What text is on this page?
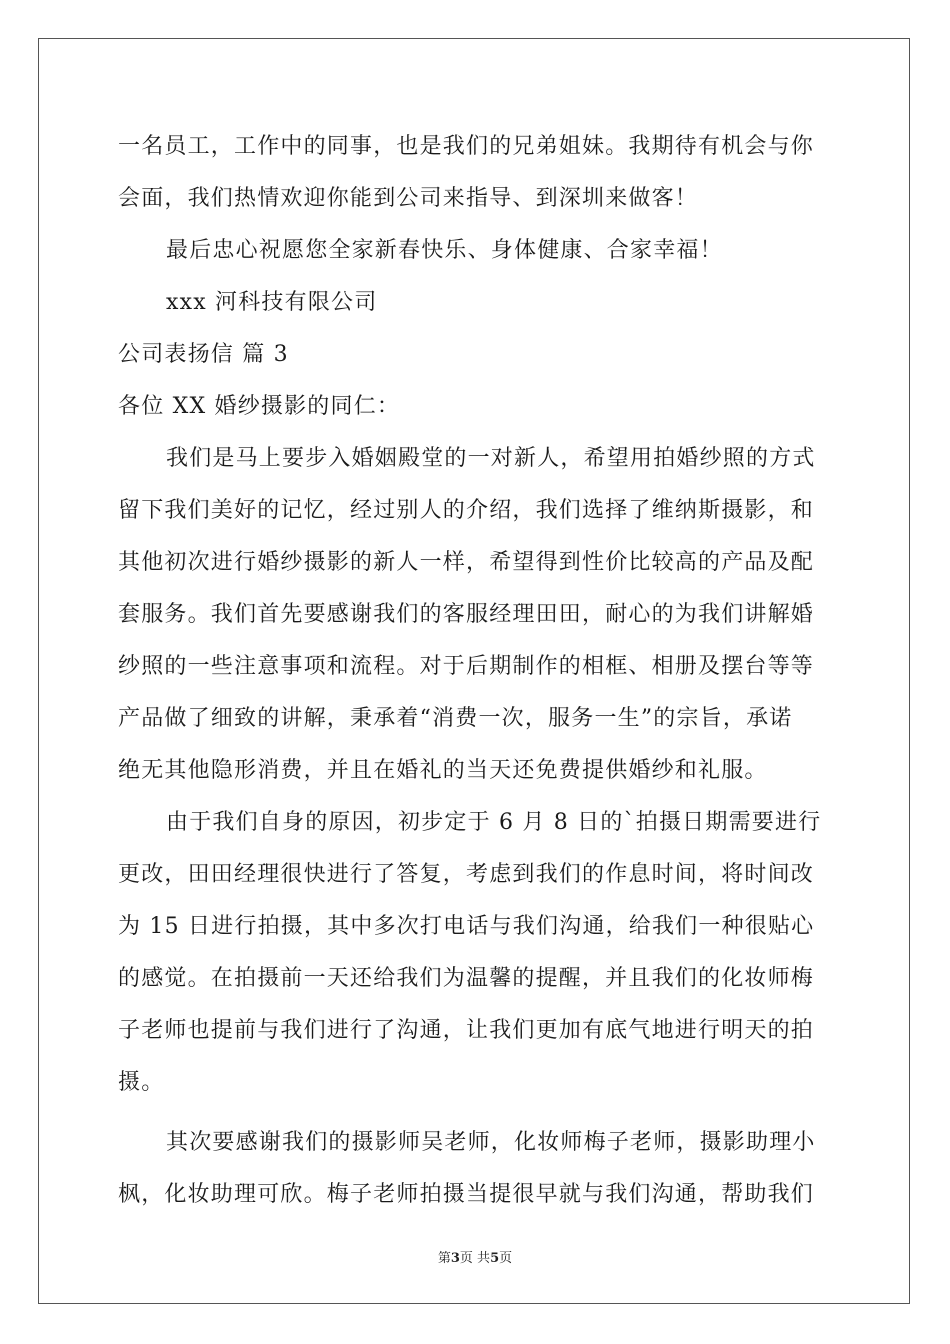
一名员工，工作中的同事，也是我们的兄弟姐妹。我期待有机会与你
会面，我们热情欢迎你能到公司来指导、到深圳来做客！
最后忠心祝愿您全家新春快乐、身体健康、合家幸福！
xxx 河科技有限公司
公司表扬信 篇 3
各位 XX 婚纱摄影的同仁：
我们是马上要步入婚姻殿堂的一对新人，希望用拍婚纱照的方式
留下我们美好的记忆，经过别人的介绍，我们选择了维纳斯摄影，和
其他初次进行婚纱摄影的新人一样，希望得到性价比较高的产品及配
套服务。我们首先要感谢我们的客服经理田田，耐心的为我们讲解婚
纱照的一些注意事项和流程。对于后期制作的相框、相册及摆台等等
产品做了细致的讲解，秉承着“消费一次，服务一生”的宗旨，承诺
绝无其他隐形消费，并且在婚礼的当天还免费提供婚纱和礼服。
由于我们自身的原因，初步定于 6 月 8 日的`拍摄日期需要进行
更改，田田经理很快进行了答复，考虑到我们的作息时间，将时间改
为 15 日进行拍摄，其中多次打电话与我们沟通，给我们一种很贴心
的感觉。在拍摄前一天还给我们为温馨的提醒，并且我们的化妆师梅
子老师也提前与我们进行了沟通，让我们更加有底气地进行明天的拍
摄。
其次要感谢我们的摄影师吴老师，化妆师梅子老师，摄影助理小
枫，化妆助理可欣。梅子老师拍摄当提很早就与我们沟通，帮助我们
第3页 共5页
